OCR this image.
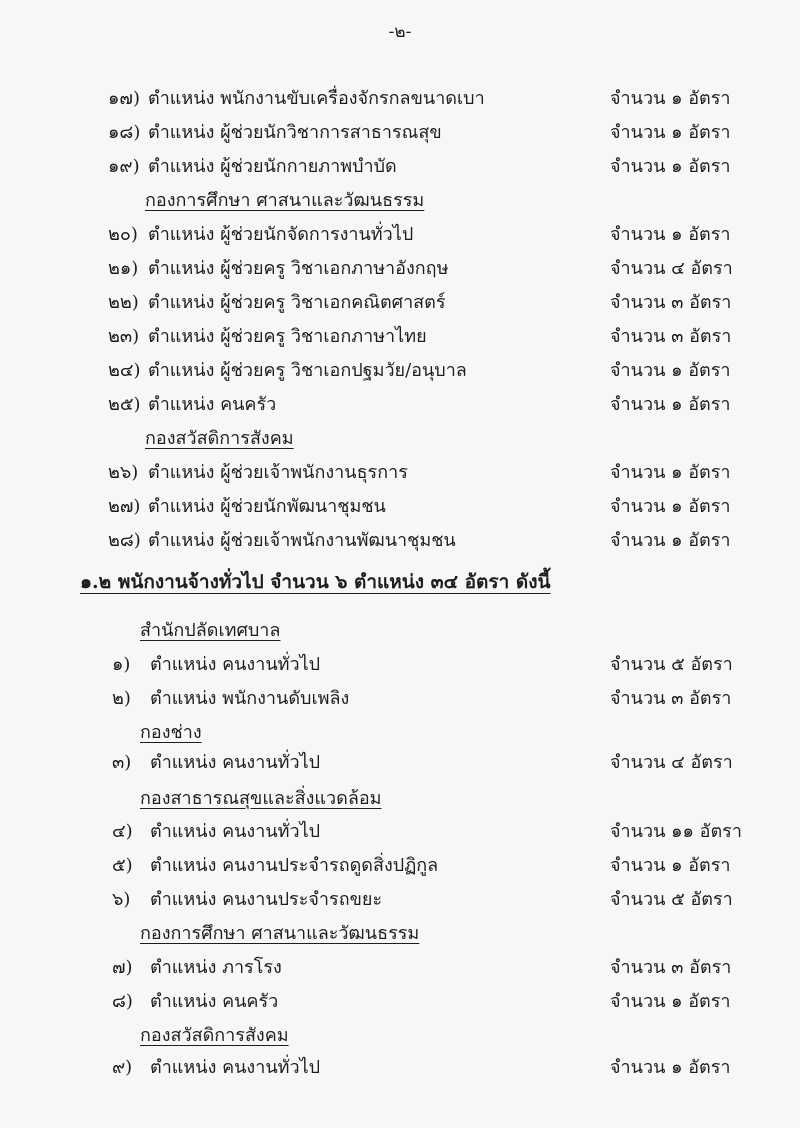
-๒-
๑๗) ตำแหน่ง พนักงานขับเครื่องจักรกลขนาดเบา	จำนวน ๑ อัตรา
๑๘) ตำแหน่ง ผู้ช่วยนักวิชาการสาธารณสุข	จำนวน ๑ อัตรา
๑๙) ตำแหน่ง ผู้ช่วยนักกายภาพบำบัด	จำนวน ๑ อัตรา
กองการศึกษา ศาสนาและวัฒนธรรม
๒๐) ตำแหน่ง ผู้ช่วยนักจัดการงานทั่วไป	จำนวน ๑ อัตรา
๒๑) ตำแหน่ง ผู้ช่วยครู วิชาเอกภาษาอังกฤษ	จำนวน ๔ อัตรา
๒๒) ตำแหน่ง ผู้ช่วยครู วิชาเอกคณิตศาสตร์	จำนวน ๓ อัตรา
๒๓) ตำแหน่ง ผู้ช่วยครู วิชาเอกภาษาไทย	จำนวน ๓ อัตรา
๒๔) ตำแหน่ง ผู้ช่วยครู วิชาเอกปฐมวัย/อนุบาล	จำนวน ๑ อัตรา
๒๕) ตำแหน่ง คนครัว	จำนวน ๑ อัตรา
กองสวัสดิการสังคม
๒๖) ตำแหน่ง ผู้ช่วยเจ้าพนักงานธุรการ	จำนวน ๑ อัตรา
๒๗) ตำแหน่ง ผู้ช่วยนักพัฒนาชุมชน	จำนวน ๑ อัตรา
๒๘) ตำแหน่ง ผู้ช่วยเจ้าพนักงานพัฒนาชุมชน	จำนวน ๑ อัตรา
๑.๒ พนักงานจ้างทั่วไป จำนวน ๖ ตำแหน่ง ๓๔ อัตรา ดังนี้
สำนักปลัดเทศบาล
๑) ตำแหน่ง คนงานทั่วไป	จำนวน ๕ อัตรา
๒) ตำแหน่ง พนักงานดับเพลิง	จำนวน ๓ อัตรา
กองช่าง
๓) ตำแหน่ง คนงานทั่วไป	จำนวน ๔ อัตรา
กองสาธารณสุขและสิ่งแวดล้อม
๔) ตำแหน่ง คนงานทั่วไป	จำนวน ๑๑ อัตรา
๕) ตำแหน่ง คนงานประจำรถดูดสิ่งปฏิกูล	จำนวน ๑ อัตรา
๖) ตำแหน่ง คนงานประจำรถขยะ	จำนวน ๕ อัตรา
กองการศึกษา ศาสนาและวัฒนธรรม
๗) ตำแหน่ง ภารโรง	จำนวน ๓ อัตรา
๘) ตำแหน่ง คนครัว	จำนวน ๑ อัตรา
กองสวัสดิการสังคม
๙) ตำแหน่ง คนงานทั่วไป	จำนวน ๑ อัตรา
